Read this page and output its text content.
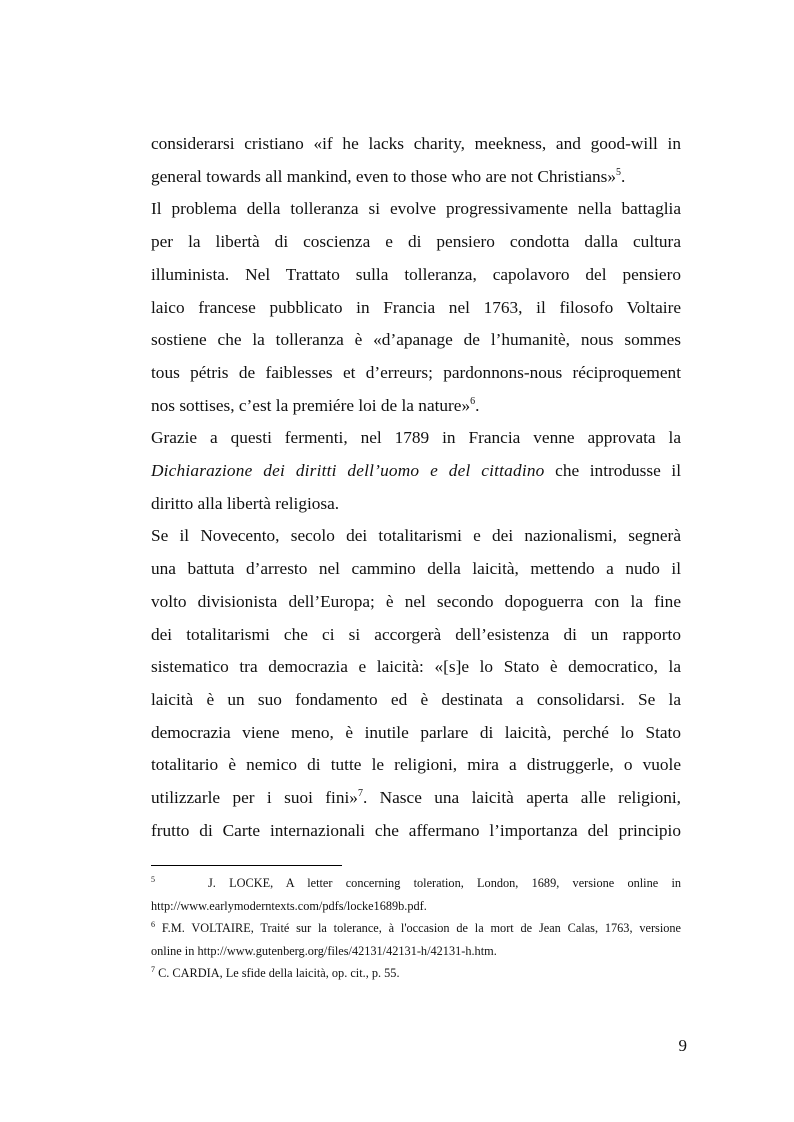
considerarsi cristiano «if he lacks charity, meekness, and good-will in
general towards all mankind, even to those who are not Christians»$^5$.
Il problema della tolleranza si evolve progressivamente nella battaglia
per la libertà di coscienza e di pensiero condotta dalla cultura
illuminista. Nel Trattato sulla tolleranza, capolavoro del pensiero
laico francese pubblicato in Francia nel 1763, il filosofo Voltaire
sostiene che la tolleranza è «d’apanage de l’humanitè, nous sommes
tous pétris de faiblesses et d’erreurs; pardonnons-nous réciproquement
nos sottises, c’est la premiére loi de la nature»$^6$.
Grazie a questi fermenti, nel 1789 in Francia venne approvata la
Dichiarazione dei diritti dell’uomo e del cittadino che introdusse il
diritto alla libertà religiosa.
Se il Novecento, secolo dei totalitarismi e dei nazionalismi, segnerà
una battuta d’arresto nel cammino della laicità, mettendo a nudo il
volto divisionista dell’Europa; è nel secondo dopoguerra con la fine
dei totalitarismi che ci si accorgerà dell’esistenza di un rapporto
sistematico tra democrazia e laicità: «[s]e lo Stato è democratico, la
laicità è un suo fondamento ed è destinata a consolidarsi. Se la
democrazia viene meno, è inutile parlare di laicità, perché lo Stato
totalitario è nemico di tutte le religioni, mira a distruggerle, o vuole
utilizzarle per i suoi fini»$^7$. Nasce una laicità aperta alle religioni,
frutto di Carte internazionali che affermano l’importanza del principio
$^5$	J. LOCKE, A letter concerning toleration, London, 1689, versione online in
http://www.earlymoderntexts.com/pdfs/locke1689b.pdf.
$^6$ F.M. VOLTAIRE, Traité sur la tolerance, à l'occasion de la mort de Jean Calas, 1763, versione
online in http://www.gutenberg.org/files/42131/42131-h/42131-h.htm.
$^7$ C. CARDIA, Le sfide della laicità, op. cit., p. 55.
9
